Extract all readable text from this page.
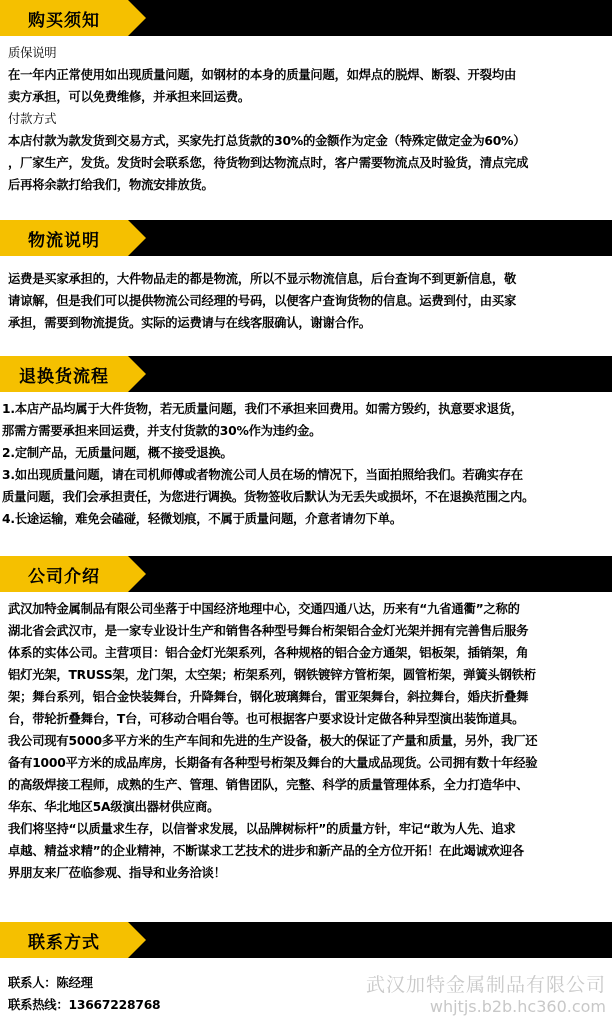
购买须知

质保说明

在一年内正常使用如出现质量问题，如钢材的本身的质量问题，如焊点的脱焊、断裂、开裂均由

卖方承担，可以免费维修，并承担来回运费。

付款方式

本店付款为款发货到交易方式，买家先打总货款的30%的金额作为定金（特殊定做定金为60%）

，厂家生产，发货。发货时会联系您，待货物到达物流点时，客户需要物流点及时验货，清点完成

后再将余款打给我们，物流安排放货。

物流说明

运费是买家承担的，大件物品走的都是物流，所以不显示物流信息，后台查询不到更新信息，敬

请谅解，但是我们可以提供物流公司经理的号码，以便客户查询货物的信息。运费到付，由买家

承担，需要到物流提货。实际的运费请与在线客服确认，谢谢合作。

退换货流程

1.本店产品均属于大件货物，若无质量问题，我们不承担来回费用。如需方毁约，执意要求退货，

那需方需要承担来回运费，并支付货款的30%作为违约金。

2.定制产品，无质量问题，概不接受退换。

3.如出现质量问题，请在司机师傅或者物流公司人员在场的情况下，当面拍照给我们。若确实存在

质量问题，我们会承担责任，为您进行调换。货物签收后默认为无丢失或损坏，不在退换范围之内。

4.长途运输，难免会磕碰，轻微划痕，不属于质量问题，介意者请勿下单。

公司介绍

武汉加特金属制品有限公司坐落于中国经济地理中心，交通四通八达，历来有“九省通衢”之称的

湖北省会武汉市，是一家专业设计生产和销售各种型号舞台桁架铝合金灯光架并拥有完善售后服务

体系的实体公司。主营项目：铝合金灯光架系列，各种规格的铝合金方通架，铝板架，插销架，角

铝灯光架，TRUSS架，龙门架，太空架；桁架系列，钢铁镀锌方管桁架，圆管桁架，弹簧头钢铁桁

架；舞台系列，铝合金快装舞台，升降舞台，钢化玻璃舞台，雷亚架舞台，斜拉舞台，婚庆折叠舞

台，带轮折叠舞台，T台，可移动合唱台等。也可根据客户要求设计定做各种异型演出装饰道具。

我公司现有5000多平方米的生产车间和先进的生产设备，极大的保证了产量和质量，另外，我厂还

备有1000平方米的成品库房，长期备有各种型号桁架及舞台的大量成品现货。公司拥有数十年经验

的高级焊接工程师，成熟的生产、管理、销售团队，完整、科学的质量管理体系，全力打造华中、

华东、华北地区5A级演出器材供应商。

我们将坚持“以质量求生存，以信誉求发展，以品牌树标杆”的质量方针，牢记“敢为人先、追求

卓越、精益求精”的企业精神，不断谋求工艺技术的进步和新产品的全方位开拓！在此竭诚欢迎各

界朋友来厂莅临参观、指导和业务洽谈！

联系方式

联系人：陈经理

联系热线：13667228768

武汉加特金属制品有限公司
whjtjs.b2b.hc360.com
